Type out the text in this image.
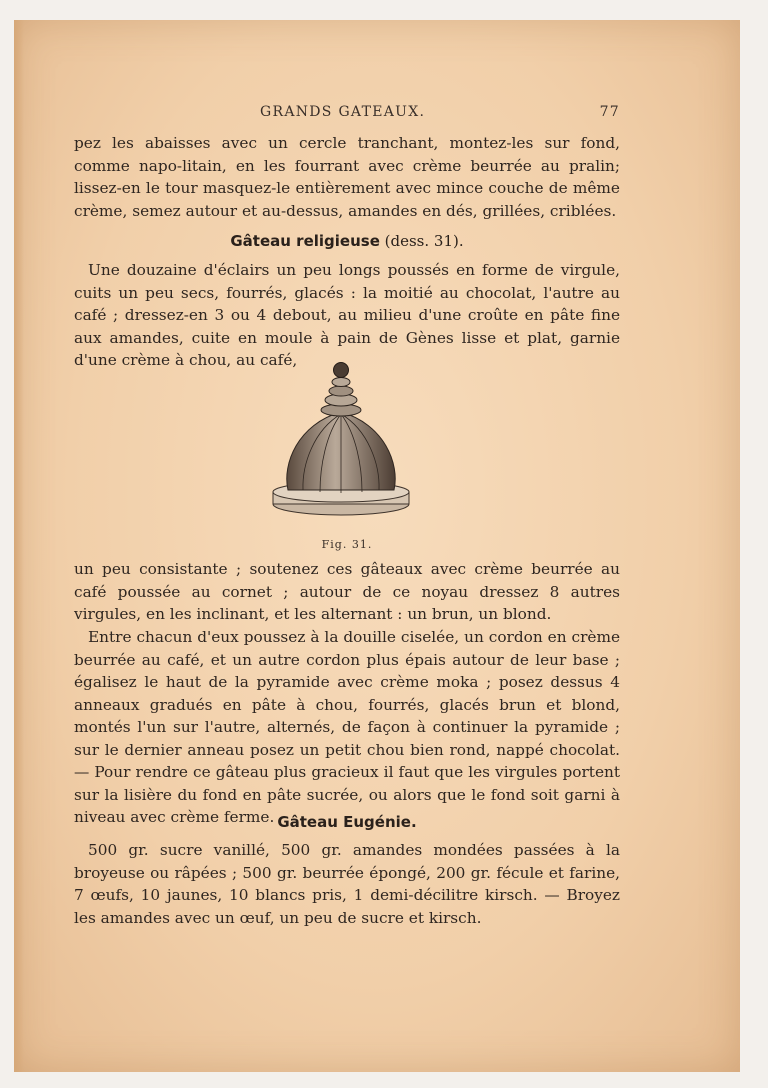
GRANDS GATEAUX.	77

pez les abaisses avec un cercle tranchant, montez-les sur fond, comme napo-litain, en les fourrant avec crème beurrée au pralin; lissez-en le tour masquez-le entièrement avec mince couche de même crème, semez autour et au-dessus, amandes en dés, grillées, criblées.

Gâteau religieuse (dess. 31).

Une douzaine d'éclairs un peu longs poussés en forme de virgule, cuits un peu secs, fourrés, glacés : la moitié au chocolat, l'autre au café ; dressez-en 3 ou 4 debout, au milieu d'une croûte en pâte fine aux amandes, cuite en moule à pain de Gènes lisse et plat, garnie d'une crème à chou, au café,

Fig. 31.

un peu consistante ; soutenez ces gâteaux avec crème beurrée au café poussée au cornet ; autour de ce noyau dressez 8 autres virgules, en les inclinant, et les alternant : un brun, un blond.

Entre chacun d'eux poussez à la douille ciselée, un cordon en crème beurrée au café, et un autre cordon plus épais autour de leur base ; égalisez le haut de la pyramide avec crème moka ; posez dessus 4 anneaux gradués en pâte à chou, fourrés, glacés brun et blond, montés l'un sur l'autre, alternés, de façon à continuer la pyramide ; sur le dernier anneau posez un petit chou bien rond, nappé chocolat. — Pour rendre ce gâteau plus gracieux il faut que les virgules portent sur la lisière du fond en pâte sucrée, ou alors que le fond soit garni à niveau avec crème ferme. Gâteau Eugénie.

500 gr. sucre vanillé, 500 gr. amandes mondées passées à la broyeuse ou râpées ; 500 gr. beurrée épongé, 200 gr. fécule et farine, 7 œufs, 10 jaunes, 10 blancs pris, 1 demi-décilitre kirsch. — Broyez les amandes avec un œuf, un peu de sucre et kirsch.
